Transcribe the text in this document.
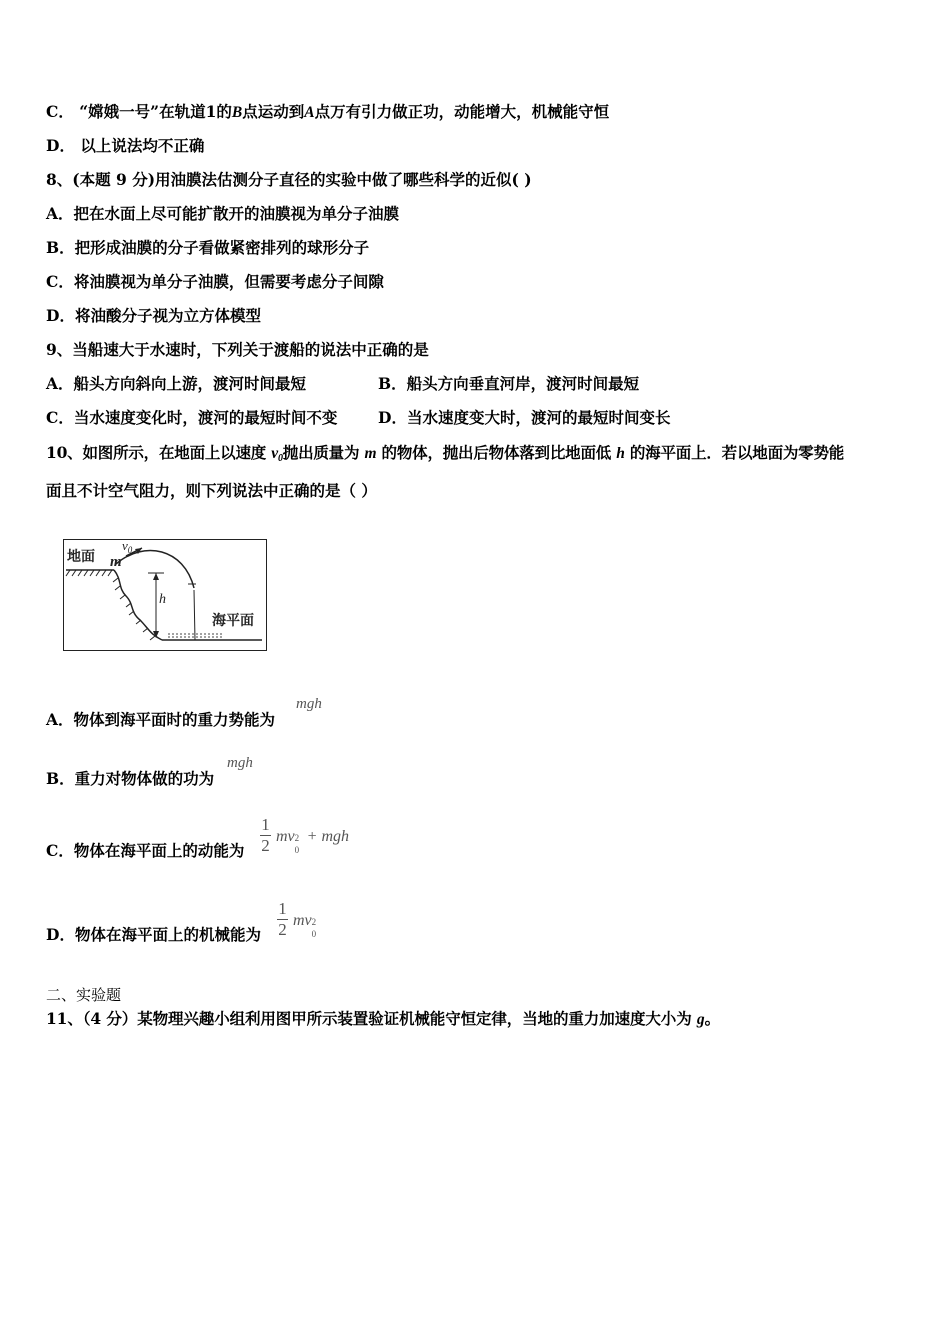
C． “嫦娥一号”在轨道1的B点运动到A点万有引力做正功，动能增大，机械能守恒
D． 以上说法均不正确
8、(本题 9 分)用油膜法估测分子直径的实验中做了哪些科学的近似( )
A．把在水面上尽可能扩散开的油膜视为单分子油膜
B．把形成油膜的分子看做紧密排列的球形分子
C．将油膜视为单分子油膜，但需要考虑分子间隙
D．将油酸分子视为立方体模型
9、当船速大于水速时，下列关于渡船的说法中正确的是
A．船头方向斜向上游，渡河时间最短	B．船头方向垂直河岸，渡河时间最短
C．当水速度变化时，渡河的最短时间不变	D．当水速度变大时，渡河的最短时间变长
10、如图所示，在地面上以速度 $v_0$抛出质量为 m 的物体，抛出后物体落到比地面低 h 的海平面上．若以地面为零势能
面且不计空气阻力，则下列说法中正确的是（ ）
地面
$v_0$
m
h
海平面
A．物体到海平面时的重力势能为
mgh
B．重力对物体做的功为
mgh
C．物体在海平面上的动能为
1
2 mv 2
0
+ mgh
D．物体在海平面上的机械能为
1
2 mv 2
0
二、实验题
11、（4 分）某物理兴趣小组利用图甲所示装置验证机械能守恒定律，当地的重力加速度大小为 g。
